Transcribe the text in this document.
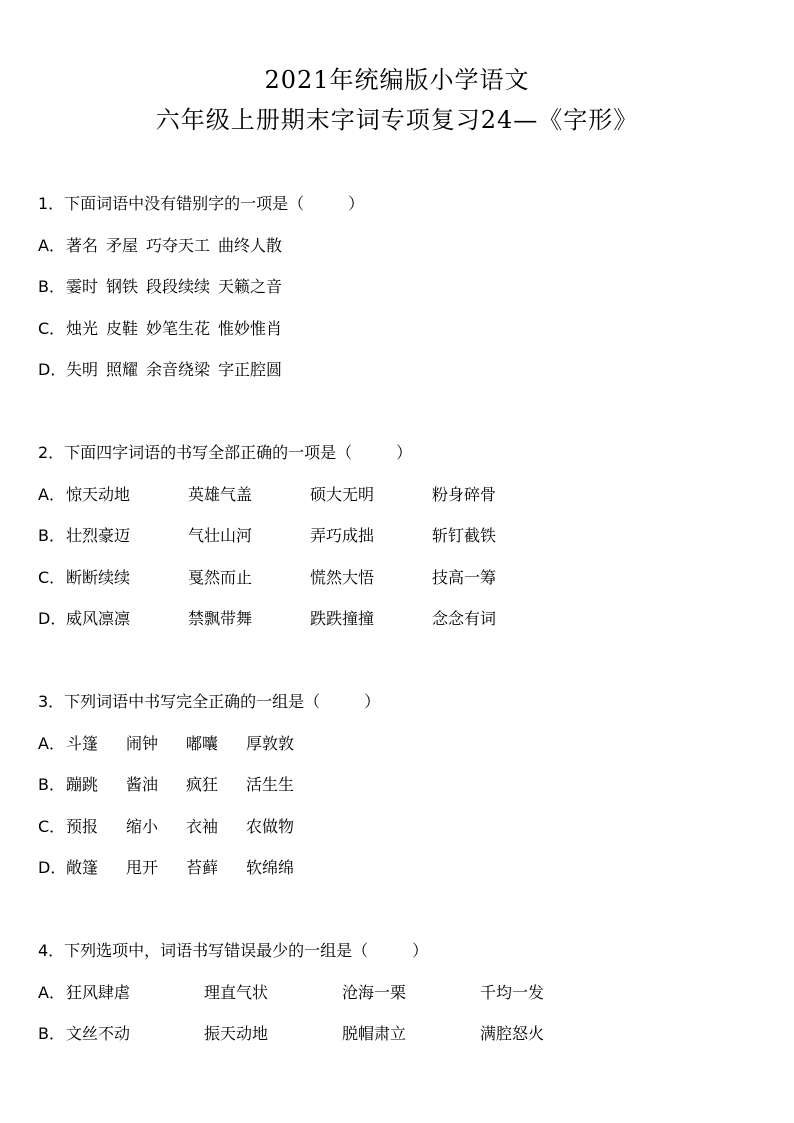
2021年统编版小学语文
六年级上册期末字词专项复习24—《字形》
1．下面词语中没有错别字的一项是（	）
A．著名 矛屋 巧夺天工 曲终人散
B．霎时 钢铁 段段续续 天籁之音
C．烛光 皮鞋 妙笔生花 惟妙惟肖
D．失明 照耀 余音绕梁 字正腔圆
2．下面四字词语的书写全部正确的一项是（	）
A．惊天动地	英雄气盖	硕大无明	粉身碎骨
B．壮烈豪迈	气壮山河	弄巧成拙	斩钉截铁
C．断断续续	戛然而止	慌然大悟	技高一筹
D．威风凛凛	禁飘带舞	跌跌撞撞	念念有词
3．下列词语中书写完全正确的一组是（	）
A．斗篷 闹钟 嘟囔 厚敦敦
B．蹦跳 酱油 疯狂 活生生
C．预报 缩小 衣袖 农做物
D．敞篷 甩开 苔藓 软绵绵
4．下列选项中，词语书写错误最少的一组是（	）
A．狂风肆虐	理直气状	沧海一栗	千均一发
B．文丝不动	振天动地	脱帽肃立	满腔怒火
